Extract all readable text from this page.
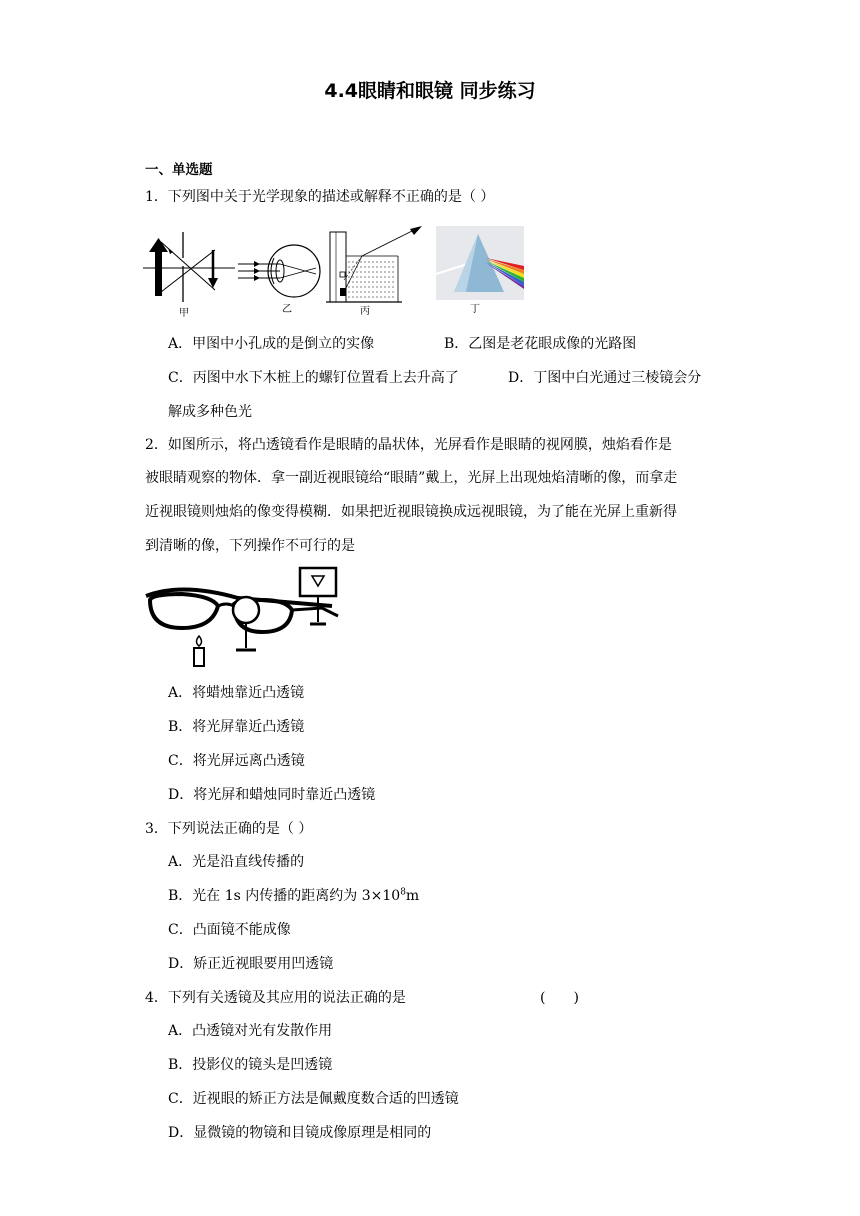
4.4眼睛和眼镜 同步练习
一、单选题
1．下列图中关于光学现象的描述或解释不正确的是（ ）
甲	乙	丙	丁
A．甲图中小孔成的是倒立的实像	B．乙图是老花眼成像的光路图
C．丙图中水下木桩上的螺钉位置看上去升高了	D．丁图中白光通过三棱镜会分
解成多种色光
2．如图所示，将凸透镜看作是眼睛的晶状体，光屏看作是眼睛的视网膜，烛焰看作是
被眼睛观察的物体．拿一副近视眼镜给“眼睛”戴上，光屏上出现烛焰清晰的像，而拿走
近视眼镜则烛焰的像变得模糊．如果把近视眼镜换成远视眼镜，为了能在光屏上重新得
到清晰的像，下列操作不可行的是
A．将蜡烛靠近凸透镜
B．将光屏靠近凸透镜
C．将光屏远离凸透镜
D．将光屏和蜡烛同时靠近凸透镜
3．下列说法正确的是（ ）
A．光是沿直线传播的
B．光在 1s 内传播的距离约为 $3\times 10^8m$
C．凸面镜不能成像
D．矫正近视眼要用凹透镜
4．下列有关透镜及其应用的说法正确的是	(　　)
A．凸透镜对光有发散作用
B．投影仪的镜头是凹透镜
C．近视眼的矫正方法是佩戴度数合适的凹透镜
D．显微镜的物镜和目镜成像原理是相同的
